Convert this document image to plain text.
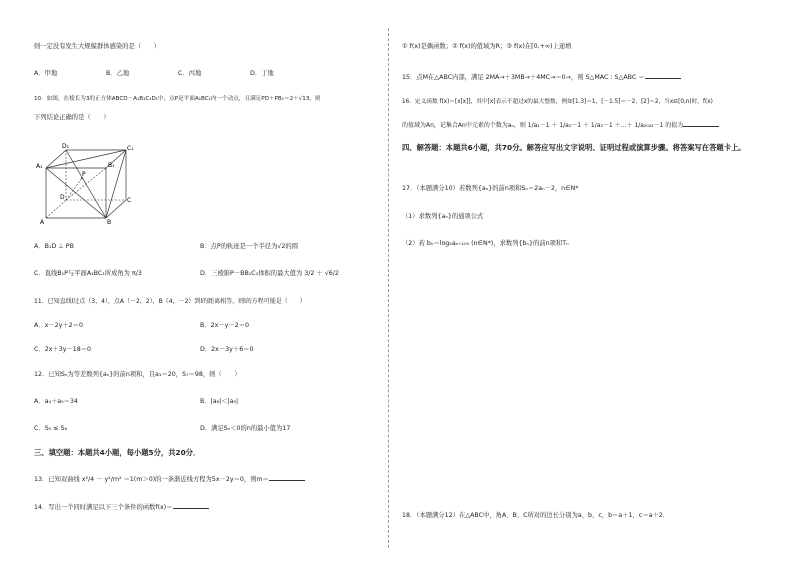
则一定没有发生大规模群体感染的是（　　）
A．甲地	B．乙地	C．丙地	D．丁地
10．如图，在棱长为3的正方体ABCD－A₁B₁C₁D₁中，点P是平面A₁BC₁内一个动点，且满足PD＋PB₁＝2＋√13，则
下列结论正确的是（　　）
A₁
D₁	C₁
B₁
P
D	C
A	B
A．B₁D ⊥ PB	B．点P的轨迹是一个半径为√2的圆
C．直线B₁P与平面A₁BC₁所成角为 π/3	D．三棱锥P－BB₁C₁体积的最大值为 3/2 ＋ √6/2
11．已知直线l过点（3，4），点A（－2，2），B（4，－2）到l的距离相等，则l的方程可能是（　　）
A．x－2y＋2＝0	B．2x－y－2＝0
C．2x＋3y－18＝0	D．2x－3y＋6＝0
12．已知Sₙ为等差数列{aₙ}的前n项和，且a₁＝20，S₇＝98，则（　　）
A．a₄＋a₅＝34	B．|a₆|＜|a₅|
C．S₅ ≤ S₆	D．满足Sₙ＜0的n的最小值为17
三、填空题：本题共4小题，每小题5分，共20分．
13．已知双曲线 x²/4 － y²/m² ＝1(m＞0)的一条渐近线方程为5x－2y＝0，则m＝
14．写出一个同时满足以下三个条件的函数f(x)＝
① f(x)是偶函数；② f(x)的值域为R；③ f(x)在[0,+∞)上递增
15．点M在△ABC内部，满足 2MA→＋3MB→＋4MC→＝0→，则 S△MAC : S△ABC ＝
16．定义函数 f(x)＝[x[x]]，其中[x]表示不超过x的最大整数，例如[1.3]＝1，[－1.5]＝－2，[2]＝2，当x∈[0,n)时，f(x)
的值域为An，记集合An中元素的个数为aₙ，则 1/a₁－1 ＋ 1/a₂－1 ＋ 1/a₃－1 ＋…＋ 1/a₂₀₂₂－1 的值为
四、解答题：本题共6小题，共70分。解答应写出文字说明、证明过程或演算步骤。将答案写在答题卡上。
17．（本题满分10）若数列{aₙ}的前n项和Sₙ＝2aₙ－2，n∈N*
（1）求数列{aₙ}的通项公式
（2）若 bₙ＝log₂aₙ₊₁₀₀ (n∈N*)，求数列{bₙ}的前n项和Tₙ
18．（本题满分12）在△ABC中，角A、B、C所对的边长分别为a、b、c，b＝a＋1，c＝a＋2．
